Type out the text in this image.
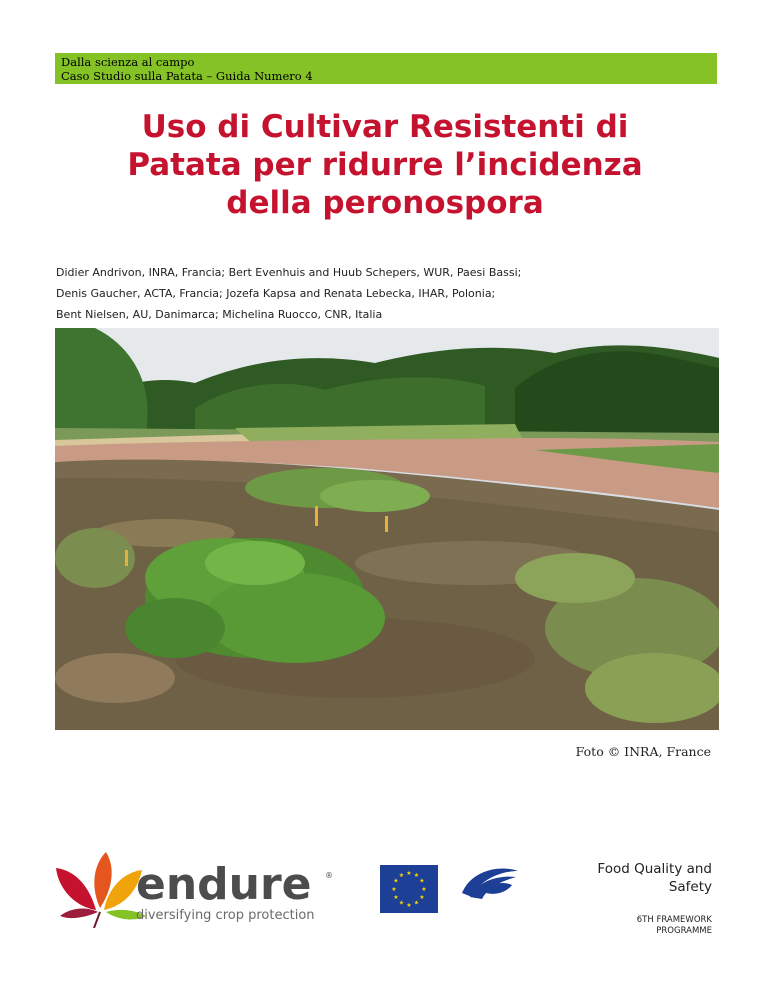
Dalla scienza al campo
Caso Studio sulla Patata – Guida Numero 4
Uso di Cultivar Resistenti di
Patata per ridurre l’incidenza
della peronospora
Didier Andrivon, INRA, Francia; Bert Evenhuis and Huub Schepers, WUR, Paesi Bassi;
Denis Gaucher, ACTA, Francia; Jozefa Kapsa and Renata Lebecka, IHAR, Polonia;
Bent Nielsen, AU, Danimarca; Michelina Ruocco, CNR, Italia
Foto © INRA, France
endure ®
diversifying crop protection
★ ★
★
★
★
★
★
★
★
★
★
★	Food Quality and
Safety
6TH FRAMEWORK
PROGRAMME
